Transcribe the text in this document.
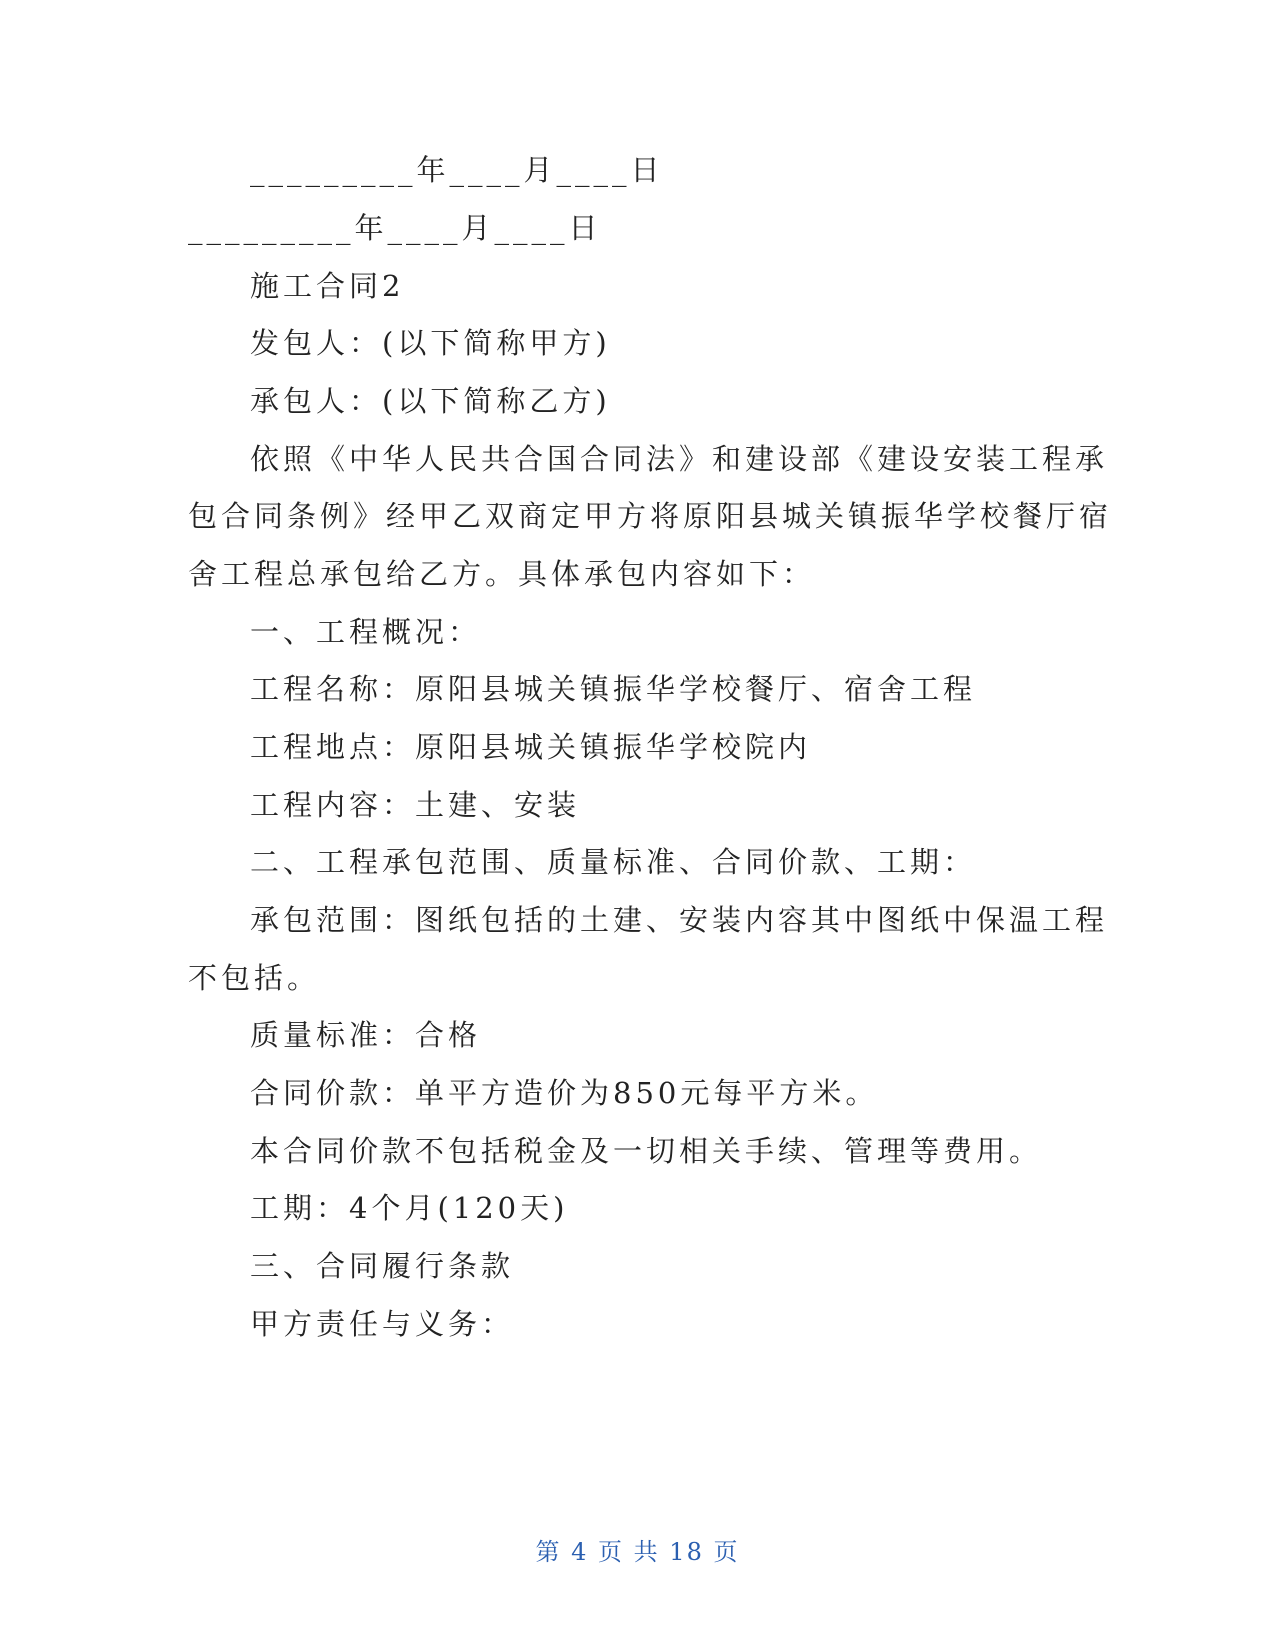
_________年____月____日
_________年____月____日
施工合同2
发包人：(以下简称甲方)
承包人：(以下简称乙方)
依照《中华人民共合国合同法》和建设部《建设安装工程承
包合同条例》经甲乙双商定甲方将原阳县城关镇振华学校餐厅宿
舍工程总承包给乙方。具体承包内容如下：
一、工程概况：
工程名称：原阳县城关镇振华学校餐厅、宿舍工程
工程地点：原阳县城关镇振华学校院内
工程内容：土建、安装
二、工程承包范围、质量标准、合同价款、工期：
承包范围：图纸包括的土建、安装内容其中图纸中保温工程
不包括。
质量标准：合格
合同价款：单平方造价为850元每平方米。
本合同价款不包括税金及一切相关手续、管理等费用。
工期：4个月(120天)
三、合同履行条款
甲方责任与义务：
第 4 页 共 18 页
